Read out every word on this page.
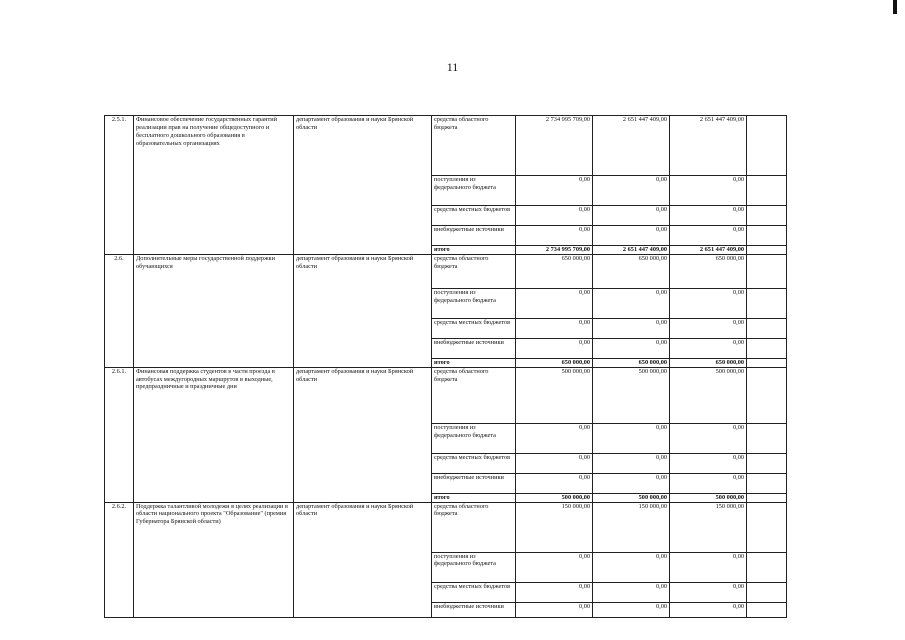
11
2.5.1.	Финансовое обеспечение государственных гарантий реализации прав на получение общедоступного и бесплатного дошкольного образования в образовательных организациях	департамент образования и науки Брянской области	средства областного бюджета	2 734 995 709,00	2 651 447 409,00	2 651 447 409,00	
			поступления из федерального бюджета	0,00	0,00	0,00	
			средства местных бюджетов	0,00	0,00	0,00	
			внебюджетные источники	0,00	0,00	0,00	
			итого	2 734 995 709,00	2 651 447 409,00	2 651 447 409,00	
2.6.	Дополнительные меры государственной поддержки обучающихся	департамент образования и науки Брянской области	средства областного бюджета	650 000,00	650 000,00	650 000,00	
			поступления из федерального бюджета	0,00	0,00	0,00	
			средства местных бюджетов	0,00	0,00	0,00	
			внебюджетные источники	0,00	0,00	0,00	
			итого	650 000,00	650 000,00	650 000,00	
2.6.1.	Финансовая поддержка студентов в части проезда в автобусах междугородных маршрутов в выходные, предпраздничные и праздничные дни	департамент образования и науки Брянской области	средства областного бюджета	500 000,00	500 000,00	500 000,00	
			поступления из федерального бюджета	0,00	0,00	0,00	
			средства местных бюджетов	0,00	0,00	0,00	
			внебюджетные источники	0,00	0,00	0,00	
			итого	500 000,00	500 000,00	500 000,00	
2.6.2.	Поддержка талантливой молодежи в целях реализации в области национального проекта "Образование" (премия Губернатора Брянской области)	департамент образования и науки Брянской области	средства областного бюджета	150 000,00	150 000,00	150 000,00	
			поступления из федерального бюджета	0,00	0,00	0,00	
			средства местных бюджетов	0,00	0,00	0,00	
			внебюджетные источники	0,00	0,00	0,00	
